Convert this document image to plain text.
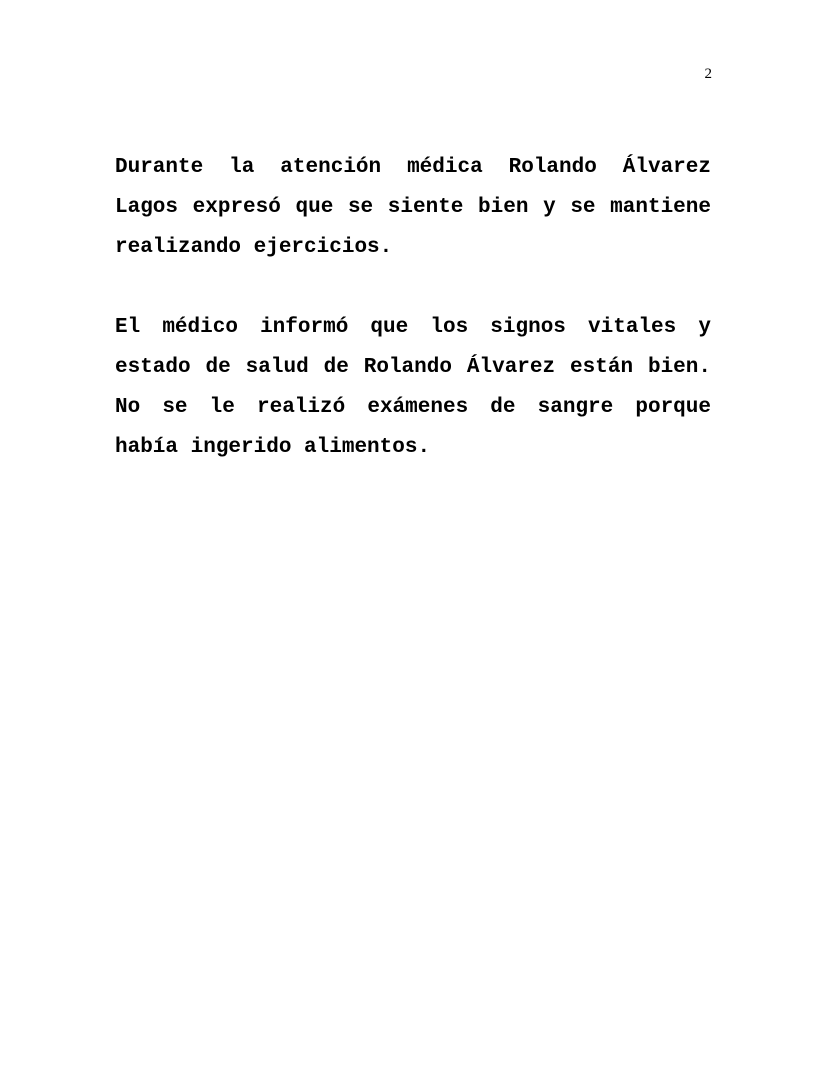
2

Durante la atención médica Rolando Álvarez Lagos expresó que se siente bien y se mantiene realizando ejercicios.

El médico informó que los signos vitales y estado de salud de Rolando Álvarez están bien. No se le realizó exámenes de sangre porque había ingerido alimentos.
